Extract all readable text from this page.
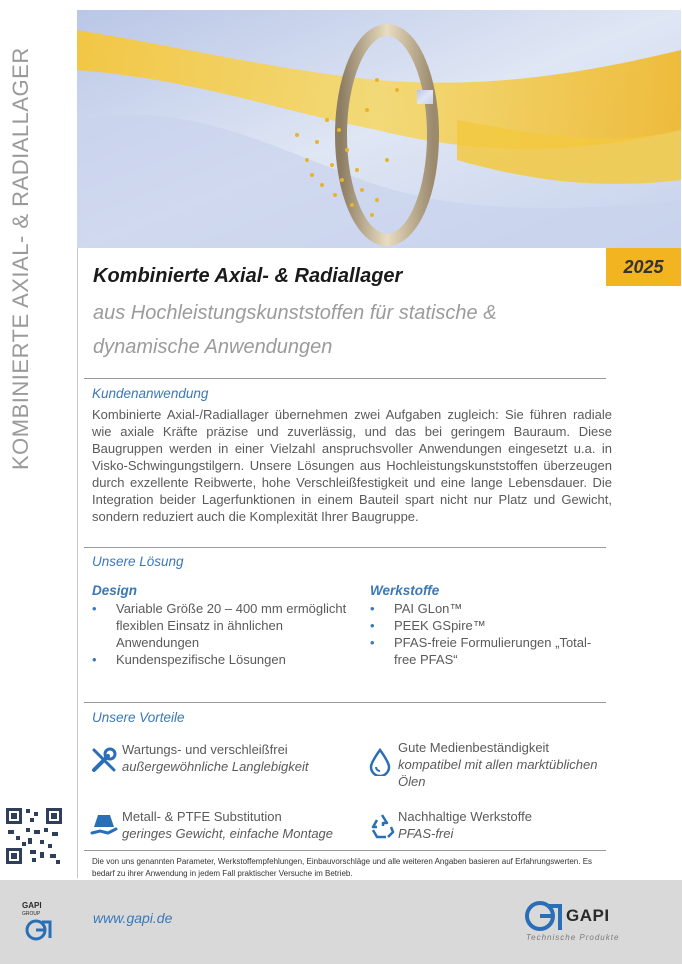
KOMBINIERTE AXIAL- & RADIALLAGER	2025
Kombinierte Axial- & Radiallager
aus Hochleistungskunststoffen für statische & dynamische Anwendungen
Kundenanwendung
Kombinierte Axial-/Radiallager übernehmen zwei Aufgaben zugleich: Sie führen radiale wie axiale Kräfte präzise und zuverlässig, und das bei geringem Bauraum. Diese Baugruppen werden in einer Vielzahl anspruchsvoller Anwendungen eingesetzt u.a. in Visko-Schwingungstilgern. Unsere Lösungen aus Hochleistungskunststoffen überzeugen durch exzellente Reibwerte, hohe Verschleißfestigkeit und eine lange Lebensdauer. Die Integration beider Lagerfunktionen in einem Bauteil spart nicht nur Platz und Gewicht, sondern reduziert auch die Komplexität Ihrer Baugruppe.
Unsere Lösung
Design
• Variable Größe 20 – 400 mm ermöglicht flexiblen Einsatz in ähnlichen Anwendungen
• Kundenspezifische Lösungen
Werkstoffe
• PAI GLon™
• PEEK GSpire™
• PFAS-freie Formulierungen „Total-free PFAS“
Unsere Vorteile
Wartungs- und verschleißfrei
außergewöhnliche Langlebigkeit
Gute Medienbeständigkeit
kompatibel mit allen marktüblichen Ölen
Metall- & PTFE Substitution
geringes Gewicht, einfache Montage
Nachhaltige Werkstoffe
PFAS-frei
Die von uns genannten Parameter, Werkstoffempfehlungen, Einbauvorschläge und alle weiteren Angaben basieren auf Erfahrungswerten. Es bedarf zu ihrer Anwendung in jedem Fall praktischer Versuche im Betrieb.
GAPI
GROUP	www.gapi.de	GAPI
Technische Produkte
